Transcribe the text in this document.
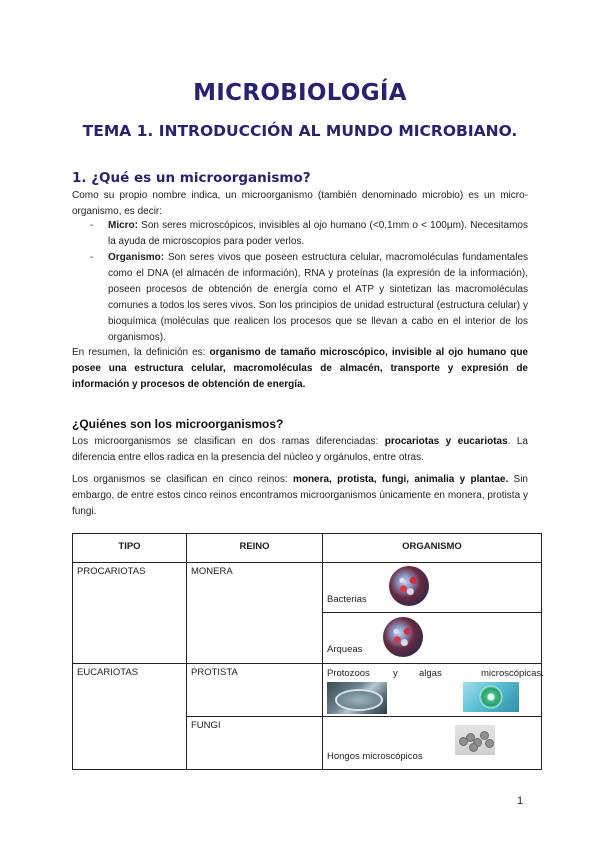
MICROBIOLOGÍA
TEMA 1. INTRODUCCIÓN AL MUNDO MICROBIANO.
1. ¿Qué es un microorganismo?

Como su propio nombre indica, un microorganismo (también denominado microbio) es un micro-organismo, es decir:

- Micro: Son seres microscópicos, invisibles al ojo humano (<0,1mm o < 100μm). Necesitamos la ayuda de microscopios para poder verlos.
- Organismo: Son seres vivos que poseen estructura celular, macromoléculas fundamentales como el DNA (el almacén de información), RNA y proteínas (la expresión de la información), poseen procesos de obtención de energía como el ATP y sintetizan las macromoléculas comunes a todos los seres vivos. Son los principios de unidad estructural (estructura celular) y bioquímica (moléculas que realicen los procesos que se llevan a cabo en el interior de los organismos).

En resumen, la definición es: organismo de tamaño microscópico, invisible al ojo humano que posee una estructura celular, macromoléculas de almacén, transporte y expresión de información y procesos de obtención de energía.

¿Quiénes son los microorganismos?

Los microorganismos se clasifican en dos ramas diferenciadas: procariotas y eucariotas. La diferencia entre ellos radica en la presencia del núcleo y orgánulos, entre otras.

Los organismos se clasifican en cinco reinos: monera, protista, fungi, animalia y plantae. Sin embargo, de entre estos cinco reinos encontramos microorganismos únicamente en monera, protista y fungi.

TIPO	REINO	ORGANISMO
PROCARIOTAS	MONERA	Bacterias

		Arqueas

EUCARIOTAS	PROTISTA	Protozoos y algas microscópicas.

	FUNGI	Hongos microscópicos
1
